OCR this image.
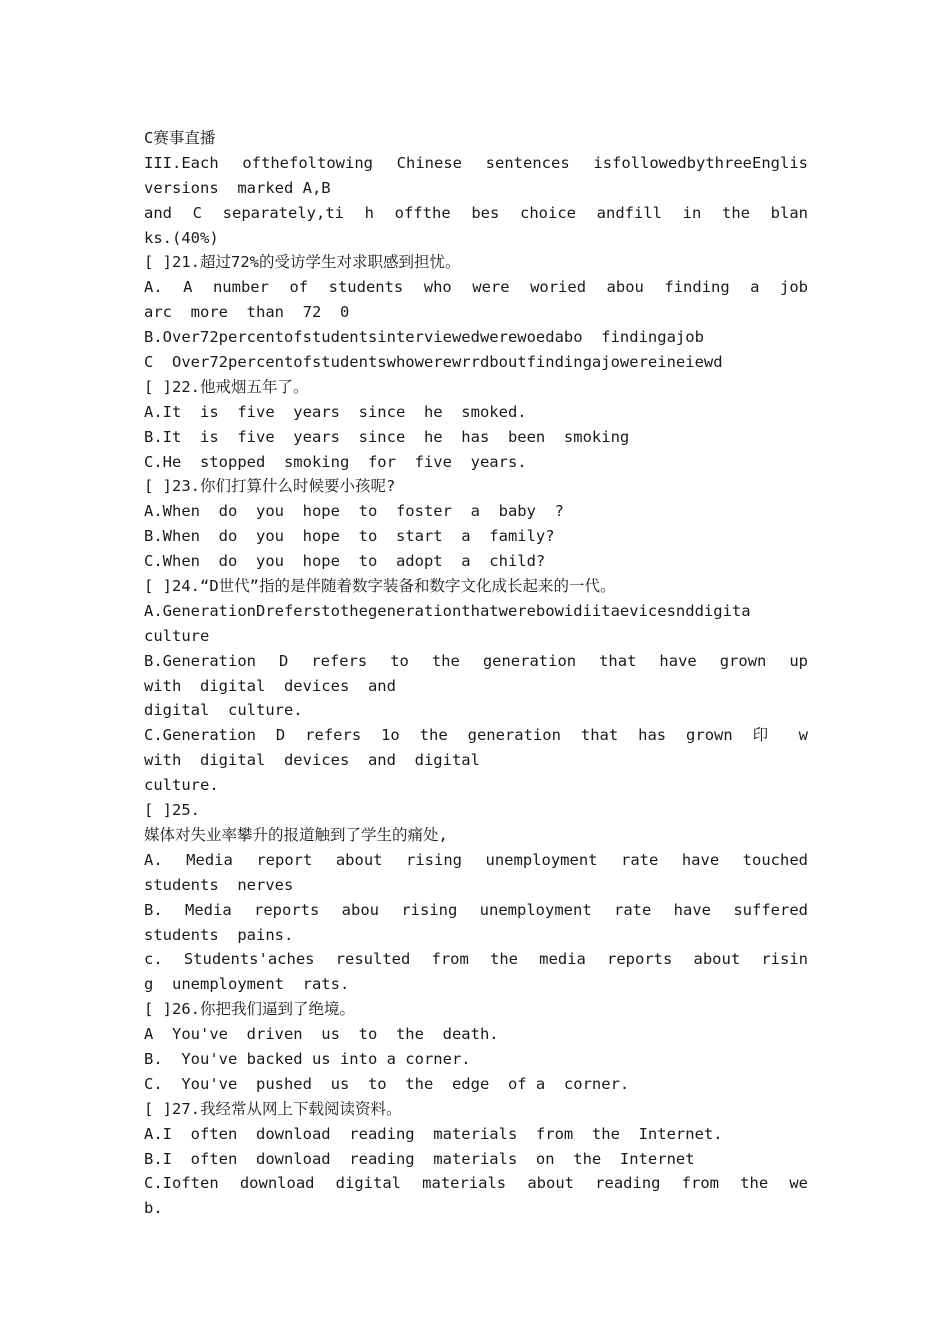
C赛事直播
III.Each ofthefoltowing Chinese sentences isfollowedbythreeEnglis
versions  marked A,B
and C separately,ti h offthe bes choice andfill in the blan
ks.(40%)
[ ]21.超过72%的受访学生对求职感到担忧。
A. A number of students who were woried abou finding a job
arc  more  than  72  0
B.Over72percentofstudentsinterviewedwerewoedabo  findingajob
C  Over72percentofstudentswhowerewrrdboutfindingajowereineiewd
[ ]22.他戒烟五年了。
A.It  is  five  years  since  he  smoked.
B.It  is  five  years  since  he  has  been  smoking
C.He  stopped  smoking  for  five  years.
[ ]23.你们打算什么时候要小孩呢?
A.When  do  you  hope  to  foster  a  baby  ?
B.When  do  you  hope  to  start  a  family?
C.When  do  you  hope  to  adopt  a  child?
[ ]24.“D世代”指的是伴随着数字装备和数字文化成长起来的一代。
A.GenerationDreferstothegenerationthatwerebowidiitaevicesnddigita
culture
B.Generation D refers to the generation that have grown up
with  digital  devices  and
digital  culture.
C.Generation D refers 1o the generation that has grown 印 w
with  digital  devices  and  digital
culture.
[ ]25.
媒体对失业率攀升的报道触到了学生的痛处,
A. Media report about rising unemployment rate have touched
students  nerves
B. Media reports abou rising unemployment rate have suffered
students  pains.
c. Students'aches resulted from the media reports about risin
g  unemployment  rats.
[ ]26.你把我们逼到了绝境。
A  You've  driven  us  to  the  death.
B.  You've backed us into a corner.
C.  You've  pushed  us  to  the  edge  of a  corner.
[ ]27.我经常从网上下载阅读资料。
A.I  often  download  reading  materials  from  the  Internet.
B.I  often  download  reading  materials  on  the  Internet
C.Ioften download digital materials about reading from the we
b.
